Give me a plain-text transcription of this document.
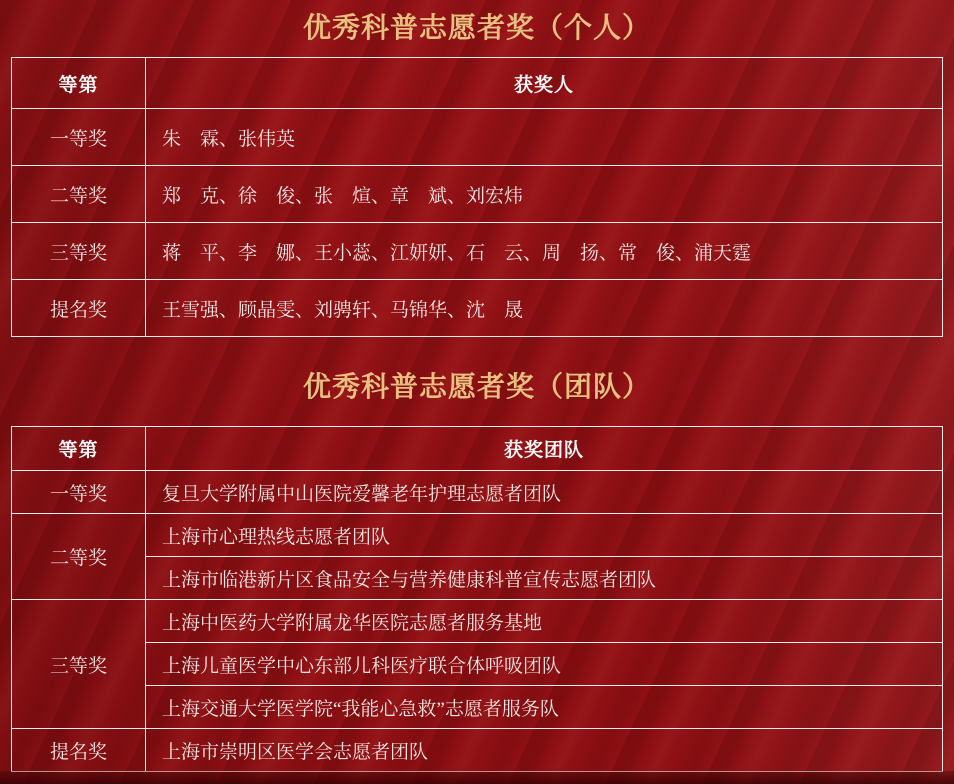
优秀科普志愿者奖（个人）
等第	获奖人
一等奖	朱　霖、张伟英
二等奖	郑　克、徐　俊、张　煊、章　斌、刘宏炜
三等奖	蒋　平、李　娜、王小蕊、江妍妍、石　云、周　扬、常　俊、浦天霆
提名奖	王雪强、顾晶雯、刘骋轩、马锦华、沈　晟
优秀科普志愿者奖（团队）
等第	获奖团队
一等奖	复旦大学附属中山医院爱馨老年护理志愿者团队
二等奖	上海市心理热线志愿者团队
	上海市临港新片区食品安全与营养健康科普宣传志愿者团队
三等奖	上海中医药大学附属龙华医院志愿者服务基地
	上海儿童医学中心东部儿科医疗联合体呼吸团队
	上海交通大学医学院“我能心急救”志愿者服务队
提名奖	上海市崇明区医学会志愿者团队
